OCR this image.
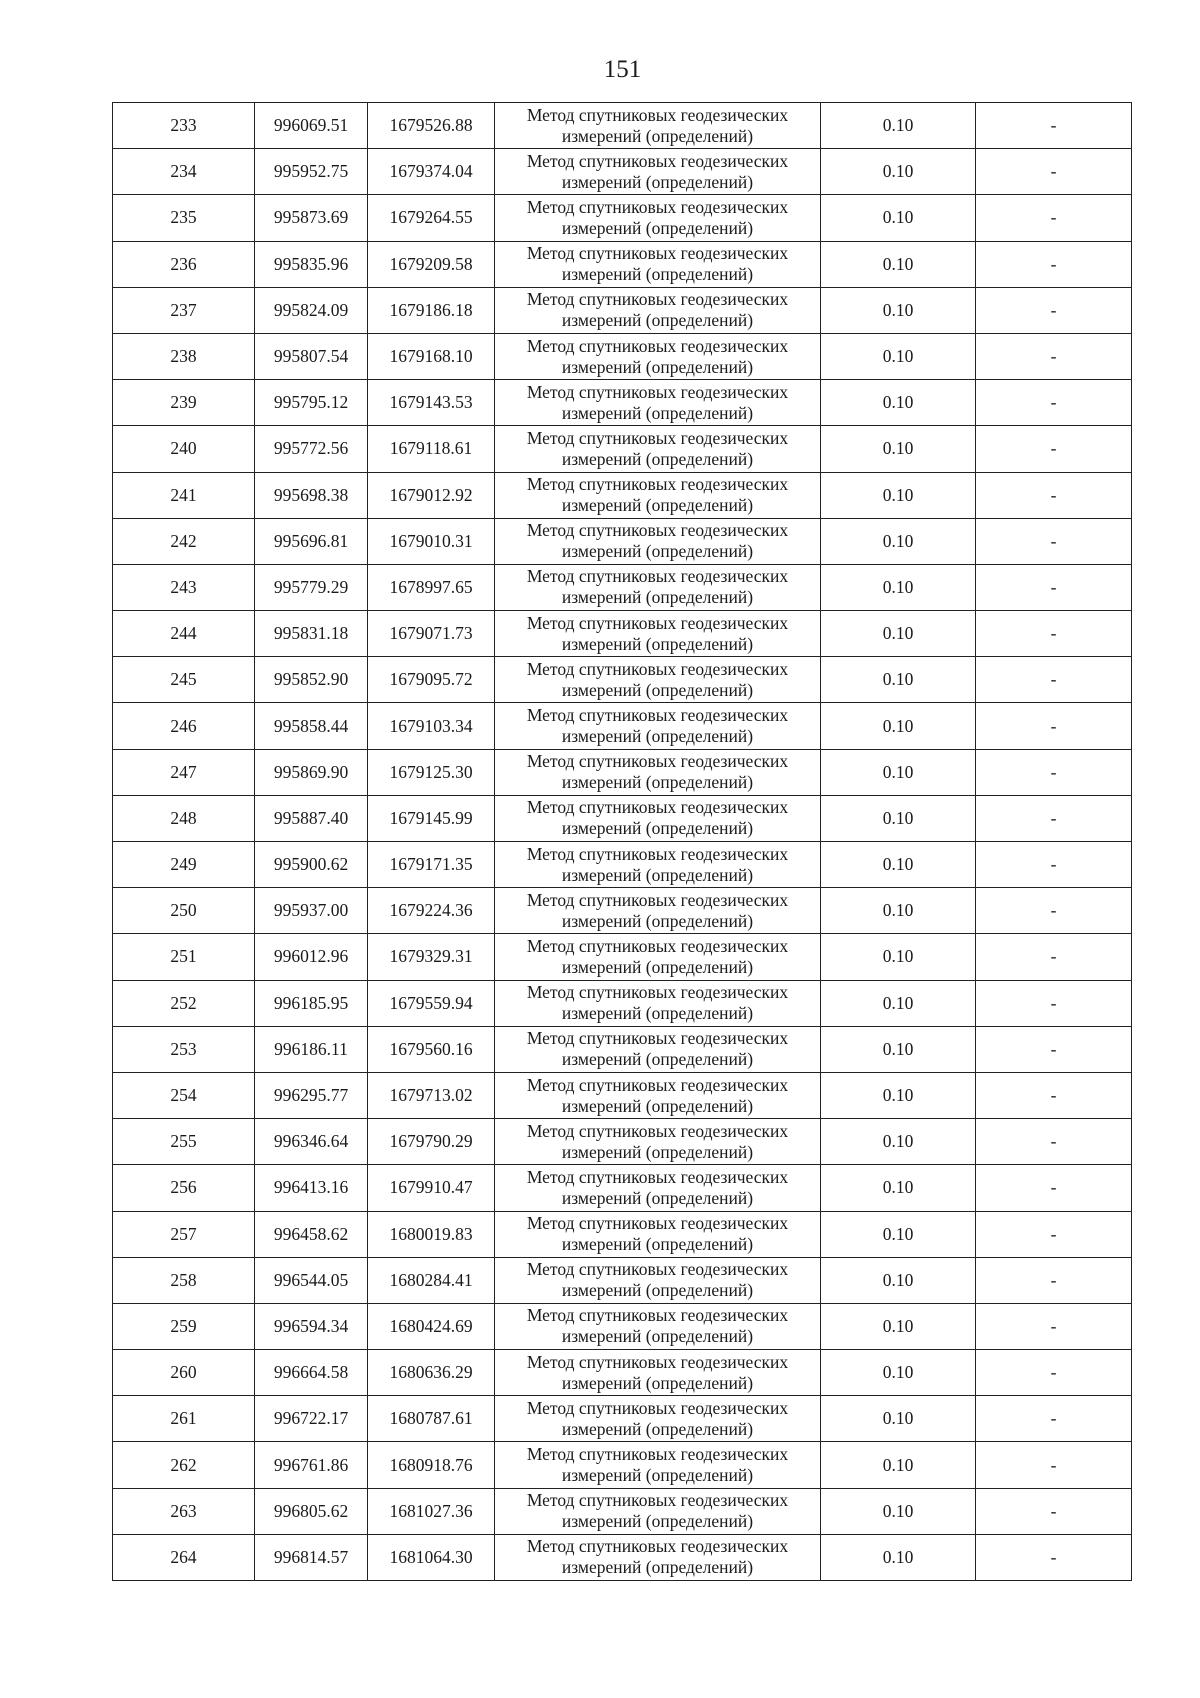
151
233	996069.51	1679526.88	Метод спутниковых геодезических
измерений (определений)	0.10	-
234	995952.75	1679374.04	Метод спутниковых геодезических
измерений (определений)	0.10	-
235	995873.69	1679264.55	Метод спутниковых геодезических
измерений (определений)	0.10	-
236	995835.96	1679209.58	Метод спутниковых геодезических
измерений (определений)	0.10	-
237	995824.09	1679186.18	Метод спутниковых геодезических
измерений (определений)	0.10	-
238	995807.54	1679168.10	Метод спутниковых геодезических
измерений (определений)	0.10	-
239	995795.12	1679143.53	Метод спутниковых геодезических
измерений (определений)	0.10	-
240	995772.56	1679118.61	Метод спутниковых геодезических
измерений (определений)	0.10	-
241	995698.38	1679012.92	Метод спутниковых геодезических
измерений (определений)	0.10	-
242	995696.81	1679010.31	Метод спутниковых геодезических
измерений (определений)	0.10	-
243	995779.29	1678997.65	Метод спутниковых геодезических
измерений (определений)	0.10	-
244	995831.18	1679071.73	Метод спутниковых геодезических
измерений (определений)	0.10	-
245	995852.90	1679095.72	Метод спутниковых геодезических
измерений (определений)	0.10	-
246	995858.44	1679103.34	Метод спутниковых геодезических
измерений (определений)	0.10	-
247	995869.90	1679125.30	Метод спутниковых геодезических
измерений (определений)	0.10	-
248	995887.40	1679145.99	Метод спутниковых геодезических
измерений (определений)	0.10	-
249	995900.62	1679171.35	Метод спутниковых геодезических
измерений (определений)	0.10	-
250	995937.00	1679224.36	Метод спутниковых геодезических
измерений (определений)	0.10	-
251	996012.96	1679329.31	Метод спутниковых геодезических
измерений (определений)	0.10	-
252	996185.95	1679559.94	Метод спутниковых геодезических
измерений (определений)	0.10	-
253	996186.11	1679560.16	Метод спутниковых геодезических
измерений (определений)	0.10	-
254	996295.77	1679713.02	Метод спутниковых геодезических
измерений (определений)	0.10	-
255	996346.64	1679790.29	Метод спутниковых геодезических
измерений (определений)	0.10	-
256	996413.16	1679910.47	Метод спутниковых геодезических
измерений (определений)	0.10	-
257	996458.62	1680019.83	Метод спутниковых геодезических
измерений (определений)	0.10	-
258	996544.05	1680284.41	Метод спутниковых геодезических
измерений (определений)	0.10	-
259	996594.34	1680424.69	Метод спутниковых геодезических
измерений (определений)	0.10	-
260	996664.58	1680636.29	Метод спутниковых геодезических
измерений (определений)	0.10	-
261	996722.17	1680787.61	Метод спутниковых геодезических
измерений (определений)	0.10	-
262	996761.86	1680918.76	Метод спутниковых геодезических
измерений (определений)	0.10	-
263	996805.62	1681027.36	Метод спутниковых геодезических
измерений (определений)	0.10	-
264	996814.57	1681064.30	Метод спутниковых геодезических
измерений (определений)	0.10	-
